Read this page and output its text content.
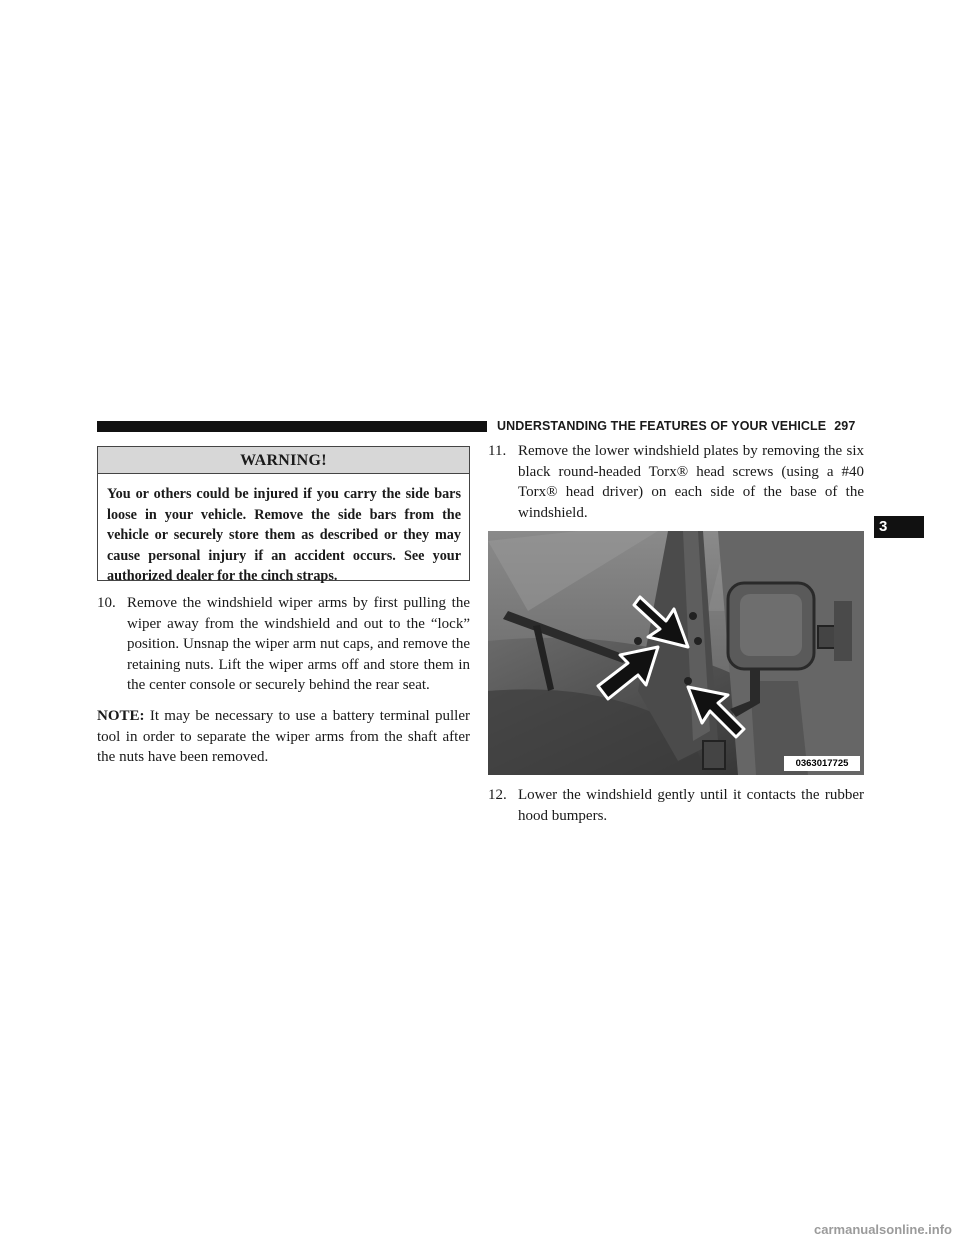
UNDERSTANDING THE FEATURES OF YOUR VEHICLE 297
3
WARNING!
You or others could be injured if you carry the side bars loose in your vehicle. Remove the side bars from the vehicle or securely store them as described or they may cause personal injury if an accident occurs. See your authorized dealer for the cinch straps.
10. Remove the windshield wiper arms by first pulling the wiper away from the windshield and out to the “lock” position. Unsnap the wiper arm nut caps, and remove the retaining nuts. Lift the wiper arms off and store them in the center console or securely behind the rear seat.
NOTE: It may be necessary to use a battery terminal puller tool in order to separate the wiper arms from the shaft after the nuts have been removed.
11. Remove the lower windshield plates by removing the six black round-headed Torx® head screws (using a #40 Torx® head driver) on each side of the base of the windshield.
0363017725
12. Lower the windshield gently until it contacts the rubber hood bumpers.
carmanualsonline.info
